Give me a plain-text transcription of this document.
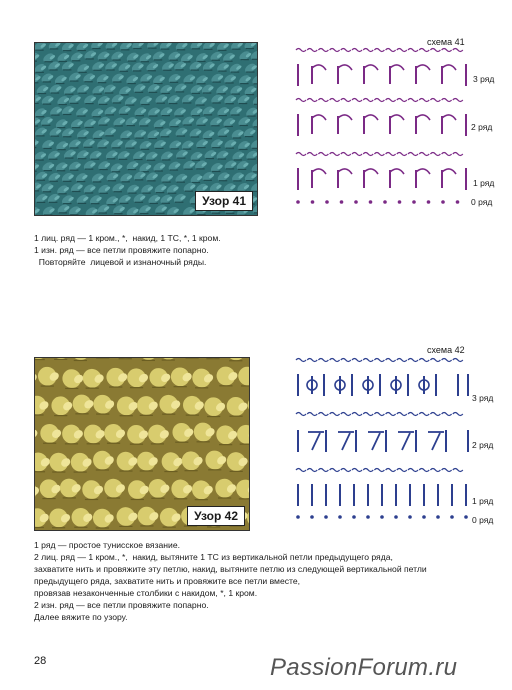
Узор 41
схема 41
3 ряд
2 ряд
1 ряд
0 ряд
1 лиц. ряд — 1 кром., *,  накид, 1 ТС, *, 1 кром.
1 изн. ряд — все петли провяжите попарно.
Повторяйте  лицевой и изнаночный ряды.
Узор 42
схема 42
3 ряд
2 ряд
1 ряд
0 ряд
1 ряд — простое тунисское вязание.
2 лиц. ряд — 1 кром., *,  накид, вытяните 1 ТС из вертикальной петли предыдущего ряда,
захватите нить и провяжите эту петлю, накид, вытяните петлю из следующей вертикальной петли
предыдущего ряда, захватите нить и провяжите все петли вместе,
провязав незаконченные столбики с накидом, *, 1 кром.
2 изн. ряд — все петли провяжите попарно.
Далее вяжите по узору.
28	PassionForum.ru
